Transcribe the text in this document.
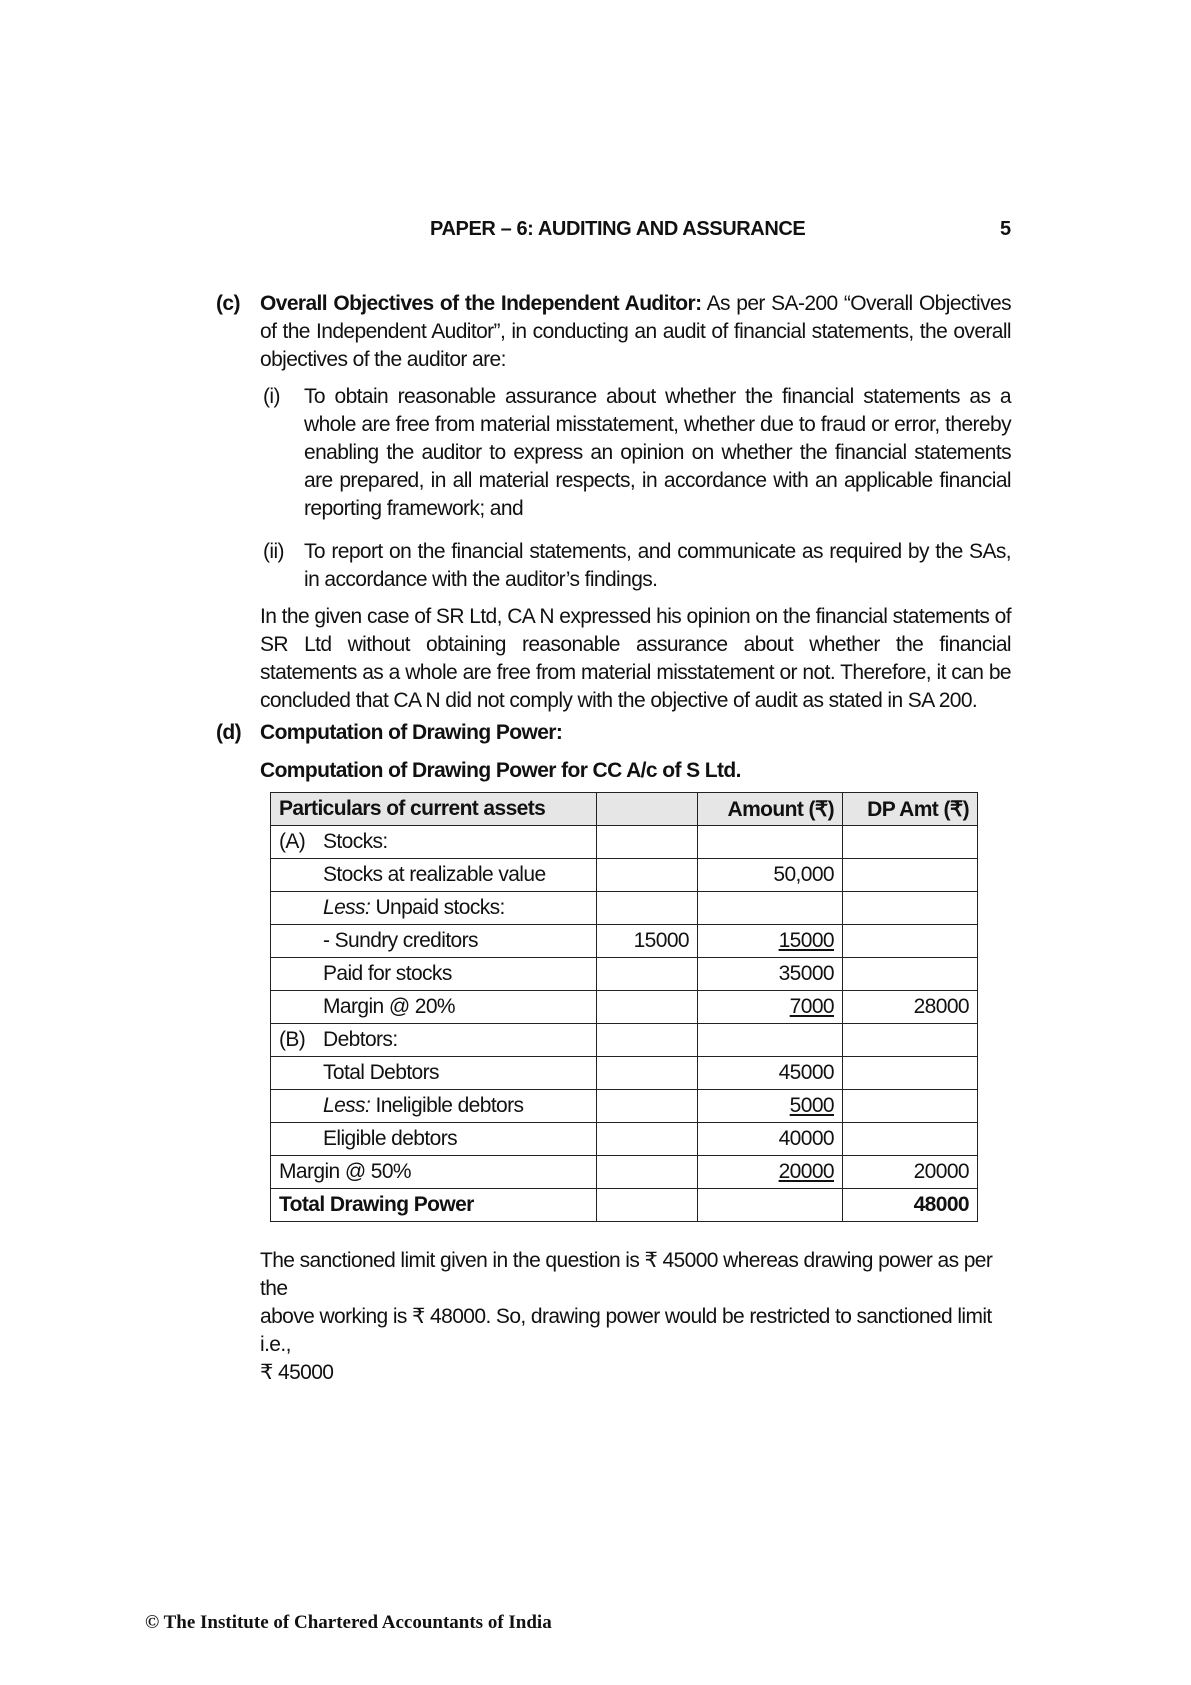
PAPER – 6: AUDITING AND ASSURANCE	5
(c) Overall Objectives of the Independent Auditor: As per SA-200 “Overall Objectives of the Independent Auditor”, in conducting an audit of financial statements, the overall objectives of the auditor are:
(i) To obtain reasonable assurance about whether the financial statements as a whole are free from material misstatement, whether due to fraud or error, thereby enabling the auditor to express an opinion on whether the financial statements are prepared, in all material respects, in accordance with an applicable financial reporting framework; and
(ii) To report on the financial statements, and communicate as required by the SAs, in accordance with the auditor’s findings.
In the given case of SR Ltd, CA N expressed his opinion on the financial statements of SR Ltd without obtaining reasonable assurance about whether the financial statements as a whole are free from material misstatement or not. Therefore, it can be concluded that CA N did not comply with the objective of audit as stated in SA 200.
(d) Computation of Drawing Power:
Computation of Drawing Power for CC A/c of S Ltd.
Particulars of current assets		Amount (₹)	DP Amt (₹)
(A) Stocks:			
Stocks at realizable value		50,000	
Less: Unpaid stocks:			
- Sundry creditors	15000	15000	
Paid for stocks		35000	
Margin @ 20%		7000	28000
(B) Debtors:			
Total Debtors		45000	
Less: Ineligible debtors		5000	
Eligible debtors		40000	
Margin @ 50%		20000	20000
Total Drawing Power			48000
The sanctioned limit given in the question is ₹ 45000 whereas drawing power as per the
above working is ₹ 48000. So, drawing power would be restricted to sanctioned limit i.e.,
₹ 45000
© The Institute of Chartered Accountants of India
